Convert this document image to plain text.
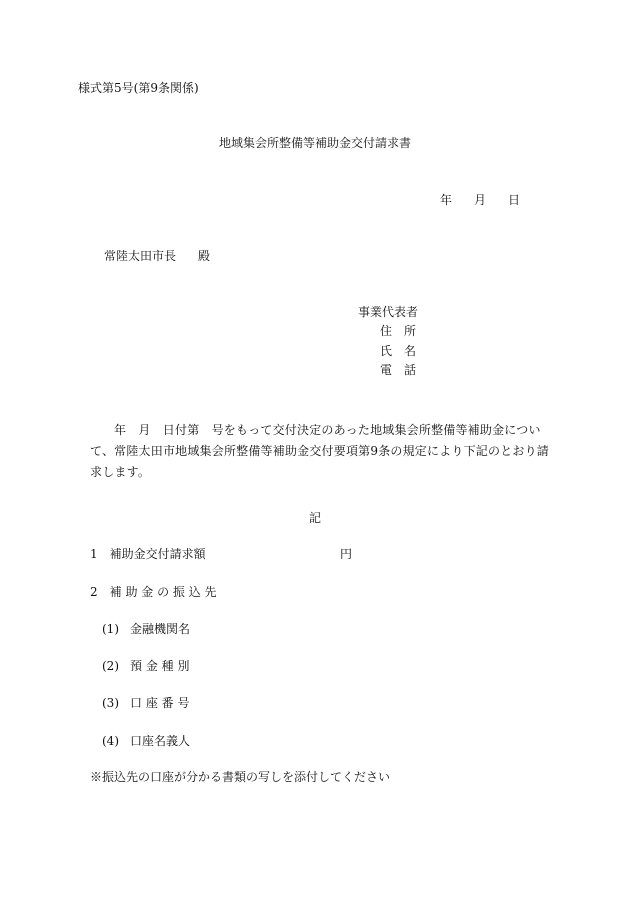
様式第5号(第9条関係)
地域集会所整備等補助金交付請求書
年 月 日
常陸太田市長 殿
事業代表者
住　所
氏　名
電　話
年　月　日付第　号をもって交付決定のあった地域集会所整備等補助金について、常陸太田市地域集会所整備等補助金交付要項第9条の規定により下記のとおり請求します。
記
1　補助金交付請求額	円
2　補 助 金 の 振 込 先
(1) 金融機関名
(2) 預 金 種 別
(3) 口 座 番 号
(4) 口座名義人
※振込先の口座が分かる書類の写しを添付してください
